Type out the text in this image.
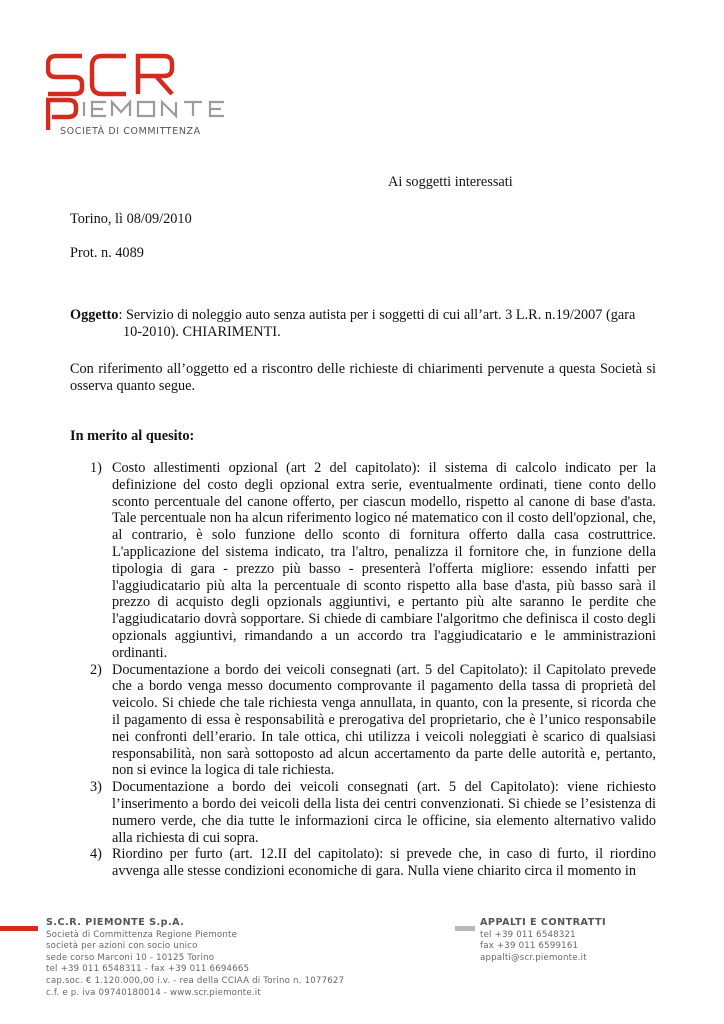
SOCIETÀ DI COMMITTENZA
Ai soggetti interessati
Torino, lì 08/09/2010
Prot. n. 4089
Oggetto: Servizio di noleggio auto senza autista per i soggetti di cui all’art. 3 L.R. n.19/2007 (gara
10-2010). CHIARIMENTI.
Con riferimento all’oggetto ed a riscontro delle richieste di chiarimenti pervenute a questa Società si osserva quanto segue.
In merito al quesito:
1) Costo allestimenti opzional (art 2 del capitolato): il sistema di calcolo indicato per la definizione del costo degli opzional extra serie, eventualmente ordinati, tiene conto dello sconto percentuale del canone offerto, per ciascun modello, rispetto al canone di base d'asta. Tale percentuale non ha alcun riferimento logico né matematico con il costo dell'opzional, che, al contrario, è solo funzione dello sconto di fornitura offerto dalla casa costruttrice. L'applicazione del sistema indicato, tra l'altro, penalizza il fornitore che, in funzione della tipologia di gara - prezzo più basso - presenterà l'offerta migliore: essendo infatti per l'aggiudicatario più alta la percentuale di sconto rispetto alla base d'asta, più basso sarà il prezzo di acquisto degli opzionals aggiuntivi, e pertanto più alte saranno le perdite che l'aggiudicatario dovrà sopportare. Si chiede di cambiare l'algoritmo che definisca il costo degli opzionals aggiuntivi, rimandando a un accordo tra l'aggiudicatario e le amministrazioni ordinanti.
2) Documentazione a bordo dei veicoli consegnati (art. 5 del Capitolato): il Capitolato prevede che a bordo venga messo documento comprovante il pagamento della tassa di proprietà del veicolo. Si chiede che tale richiesta venga annullata, in quanto, con la presente, si ricorda che il pagamento di essa è responsabilità e prerogativa del proprietario, che è l’unico responsabile nei confronti dell’erario. In tale ottica, chi utilizza i veicoli noleggiati è scarico di qualsiasi responsabilità, non sarà sottoposto ad alcun accertamento da parte delle autorità e, pertanto, non si evince la logica di tale richiesta.
3) Documentazione a bordo dei veicoli consegnati (art. 5 del Capitolato): viene richiesto l’inserimento a bordo dei veicoli della lista dei centri convenzionati. Si chiede se l’esistenza di numero verde, che dia tutte le informazioni circa le officine, sia elemento alternativo valido alla richiesta di cui sopra.
4) Riordino per furto (art. 12.II del capitolato): si prevede che, in caso di furto, il riordino avvenga alle stesse condizioni economiche di gara. Nulla viene chiarito circa il momento in
S.C.R. PIEMONTE S.p.A.
Società di Committenza Regione Piemonte
società per azioni con socio unico
sede corso Marconi 10 - 10125 Torino
tel +39 011 6548311 - fax +39 011 6694665
cap.soc. € 1.120.000,00 i.v. - rea della CCIAA di Torino n. 1077627
c.f. e p. iva 09740180014 - www.scr.piemonte.it
APPALTI E CONTRATTI
tel +39 011 6548321
fax +39 011 6599161
appalti@scr.piemonte.it
